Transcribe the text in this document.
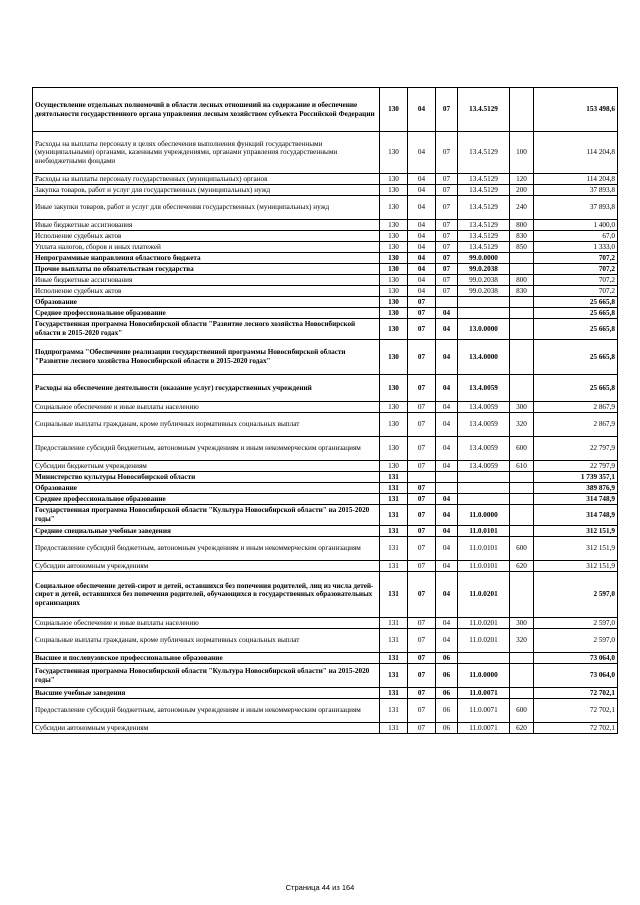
Осуществление отдельных полномочий в области лесных отношений на содержание и обеспечение деятельности государственного органа управления лесным хозяйством субъекта Российской Федерации	130	04	07	13.4.5129		153 498,6
Расходы на выплаты персоналу в целях обеспечения выполнения функций государственными (муниципальными) органами, казенными учреждениями, органами управления государственными внебюджетными фондами	130	04	07	13.4.5129	100	114 204,8
Расходы на выплаты персоналу государственных (муниципальных) органов	130	04	07	13.4.5129	120	114 204,8
Закупка товаров, работ и услуг для государственных (муниципальных) нужд	130	04	07	13.4.5129	200	37 893,8
Иные закупки товаров, работ и услуг для обеспечения государственных (муниципальных) нужд	130	04	07	13.4.5129	240	37 893,8
Иные бюджетные ассигнования	130	04	07	13.4.5129	800	1 400,0
Исполнение судебных актов	130	04	07	13.4.5129	830	67,0
Уплата налогов, сборов и иных платежей	130	04	07	13.4.5129	850	1 333,0
Непрограммные направления областного бюджета	130	04	07	99.0.0000		707,2
Прочие выплаты по обязательствам государства	130	04	07	99.0.2038		707,2
Иные бюджетные ассигнования	130	04	07	99.0.2038	800	707,2
Исполнение судебных актов	130	04	07	99.0.2038	830	707,2
Образование	130	07				25 665,8
Среднее профессиональное образование	130	07	04			25 665,8
Государственная программа Новосибирской области "Развитие лесного хозяйства Новосибирской области в 2015-2020 годах"	130	07	04	13.0.0000		25 665,8
Подпрограмма "Обеспечение реализации государственной программы Новосибирской области "Развитие лесного хозяйства Новосибирской области в 2015-2020 годах"	130	07	04	13.4.0000		25 665,8
Расходы на обеспечение деятельности (оказание услуг) государственных учреждений	130	07	04	13.4.0059		25 665,8
Социальное обеспечение и иные выплаты населению	130	07	04	13.4.0059	300	2 867,9
Социальные выплаты гражданам, кроме публичных нормативных социальных выплат	130	07	04	13.4.0059	320	2 867,9
Предоставление субсидий бюджетным, автономным учреждениям и иным некоммерческим организациям	130	07	04	13.4.0059	600	22 797,9
Субсидии бюджетным учреждениям	130	07	04	13.4.0059	610	22 797,9
Министерство культуры Новосибирской области	131					1 739 357,1
Образование	131	07				389 876,9
Среднее профессиональное образование	131	07	04			314 748,9
Государственная программа Новосибирской области "Культура Новосибирской области" на 2015-2020 годы"	131	07	04	11.0.0000		314 748,9
Средние специальные учебные заведения	131	07	04	11.0.0101		312 151,9
Предоставление субсидий бюджетным, автономным учреждениям и иным некоммерческим организациям	131	07	04	11.0.0101	600	312 151,9
Субсидии автономным учреждениям	131	07	04	11.0.0101	620	312 151,9
Социальное обеспечение детей-сирот и детей, оставшихся без попечения родителей, лиц из числа детей-сирот и детей, оставшихся без попечения родителей, обучающихся в государственных образовательных организациях	131	07	04	11.0.0201		2 597,0
Социальное обеспечение и иные выплаты населению	131	07	04	11.0.0201	300	2 597,0
Социальные выплаты гражданам, кроме публичных нормативных социальных выплат	131	07	04	11.0.0201	320	2 597,0
Высшее и послевузовское профессиональное образование	131	07	06			73 064,0
Государственная программа Новосибирской области "Культура Новосибирской области" на 2015-2020 годы"	131	07	06	11.0.0000		73 064,0
Высшие учебные заведения	131	07	06	11.0.0071		72 702,1
Предоставление субсидий бюджетным, автономным учреждениям и иным некоммерческим организациям	131	07	06	11.0.0071	600	72 702,1
Субсидии автономным учреждениям	131	07	06	11.0.0071	620	72 702,1
Страница 44 из 164
